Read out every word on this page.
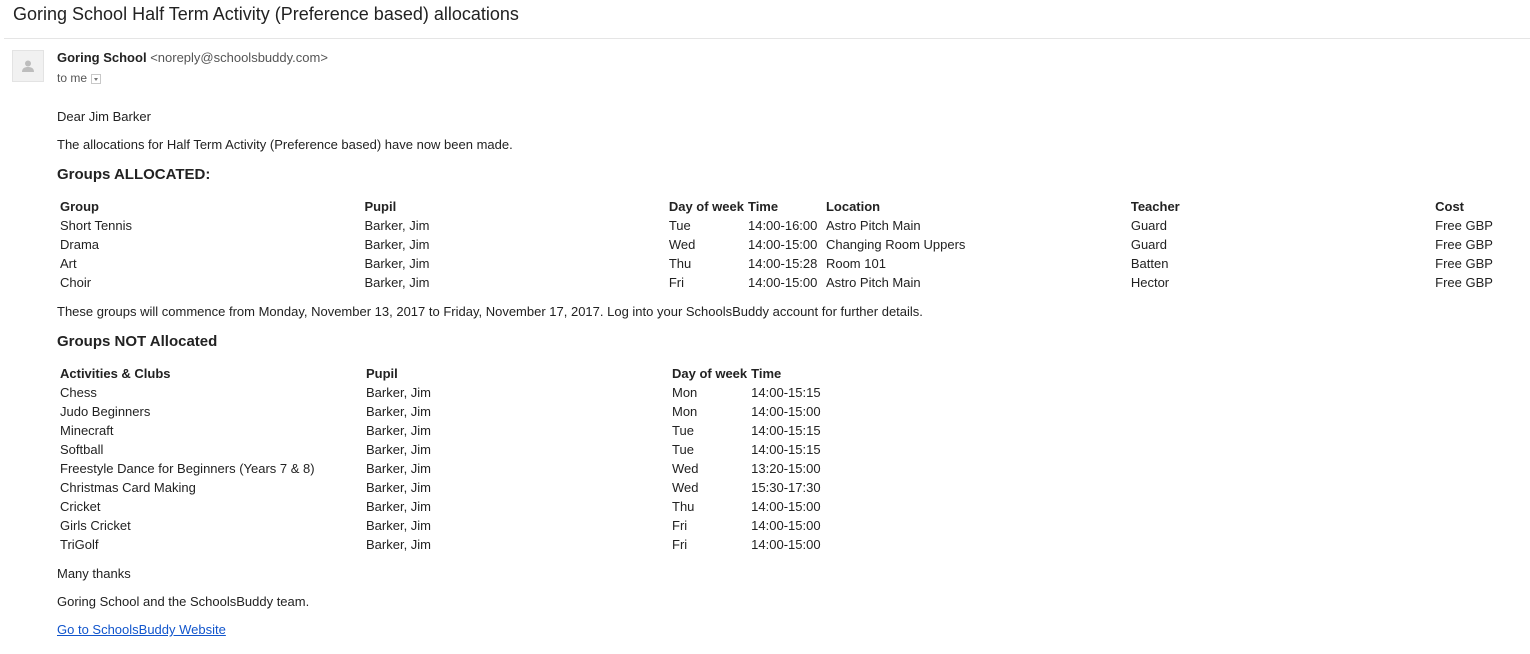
Goring School Half Term Activity (Preference based) allocations
Goring School <noreply@schoolsbuddy.com>
to me

Dear Jim Barker

The allocations for Half Term Activity (Preference based) have now been made.

Groups ALLOCATED:

Group	Pupil	Day of week	Time	Location	Teacher	Cost
Short Tennis	Barker, Jim	Tue	14:00-16:00	Astro Pitch Main	Guard	Free GBP
Drama	Barker, Jim	Wed	14:00-15:00	Changing Room Uppers	Guard	Free GBP
Art	Barker, Jim	Thu	14:00-15:28	Room 101	Batten	Free GBP
Choir	Barker, Jim	Fri	14:00-15:00	Astro Pitch Main	Hector	Free GBP

These groups will commence from Monday, November 13, 2017 to Friday, November 17, 2017. Log into your SchoolsBuddy account for further details.

Groups NOT Allocated

Activities & Clubs	Pupil	Day of week	Time
Chess	Barker, Jim	Mon	14:00-15:15
Judo Beginners	Barker, Jim	Mon	14:00-15:00
Minecraft	Barker, Jim	Tue	14:00-15:15
Softball	Barker, Jim	Tue	14:00-15:15
Freestyle Dance for Beginners (Years 7 & 8)	Barker, Jim	Wed	13:20-15:00
Christmas Card Making	Barker, Jim	Wed	15:30-17:30
Cricket	Barker, Jim	Thu	14:00-15:00
Girls Cricket	Barker, Jim	Fri	14:00-15:00
TriGolf	Barker, Jim	Fri	14:00-15:00

Many thanks

Goring School and the SchoolsBuddy team.

Go to SchoolsBuddy Website
